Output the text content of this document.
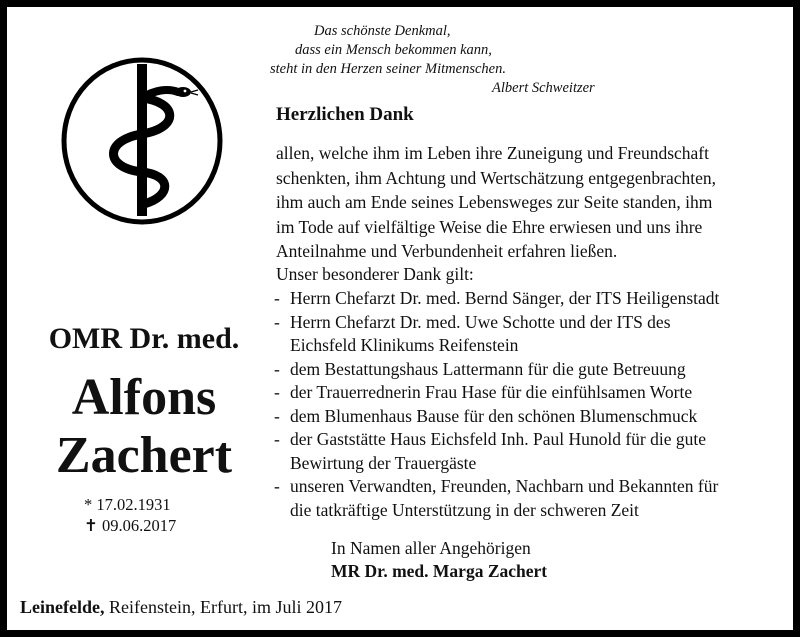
Das schönste Denkmal,
dass ein Mensch bekommen kann,
steht in den Herzen seiner Mitmenschen.
Albert Schweitzer
OMR Dr. med.
Alfons
Zachert
* 17.02.1931
✝ 09.06.2017
Herzlichen Dank
allen, welche ihm im Leben ihre Zuneigung und Freundschaft
schenkten, ihm Achtung und Wertschätzung entgegenbrachten,
ihm auch am Ende seines Lebensweges zur Seite standen, ihm
im Tode auf vielfältige Weise die Ehre erwiesen und uns ihre
Anteilnahme und Verbundenheit erfahren ließen.
Unser besonderer Dank gilt:
- Herrn Chefarzt Dr. med. Bernd Sänger, der ITS Heiligenstadt
- Herrn Chefarzt Dr. med. Uwe Schotte und der ITS des
Eichsfeld Klinikums Reifenstein
- dem Bestattungshaus Lattermann für die gute Betreuung
- der Trauerrednerin Frau Hase für die einfühlsamen Worte
- dem Blumenhaus Bause für den schönen Blumenschmuck
- der Gaststätte Haus Eichsfeld Inh. Paul Hunold für die gute
Bewirtung der Trauergäste
- unseren Verwandten, Freunden, Nachbarn und Bekannten für
die tatkräftige Unterstützung in der schweren Zeit
In Namen aller Angehörigen
MR Dr. med. Marga Zachert
Leinefelde, Reifenstein, Erfurt, im Juli 2017
